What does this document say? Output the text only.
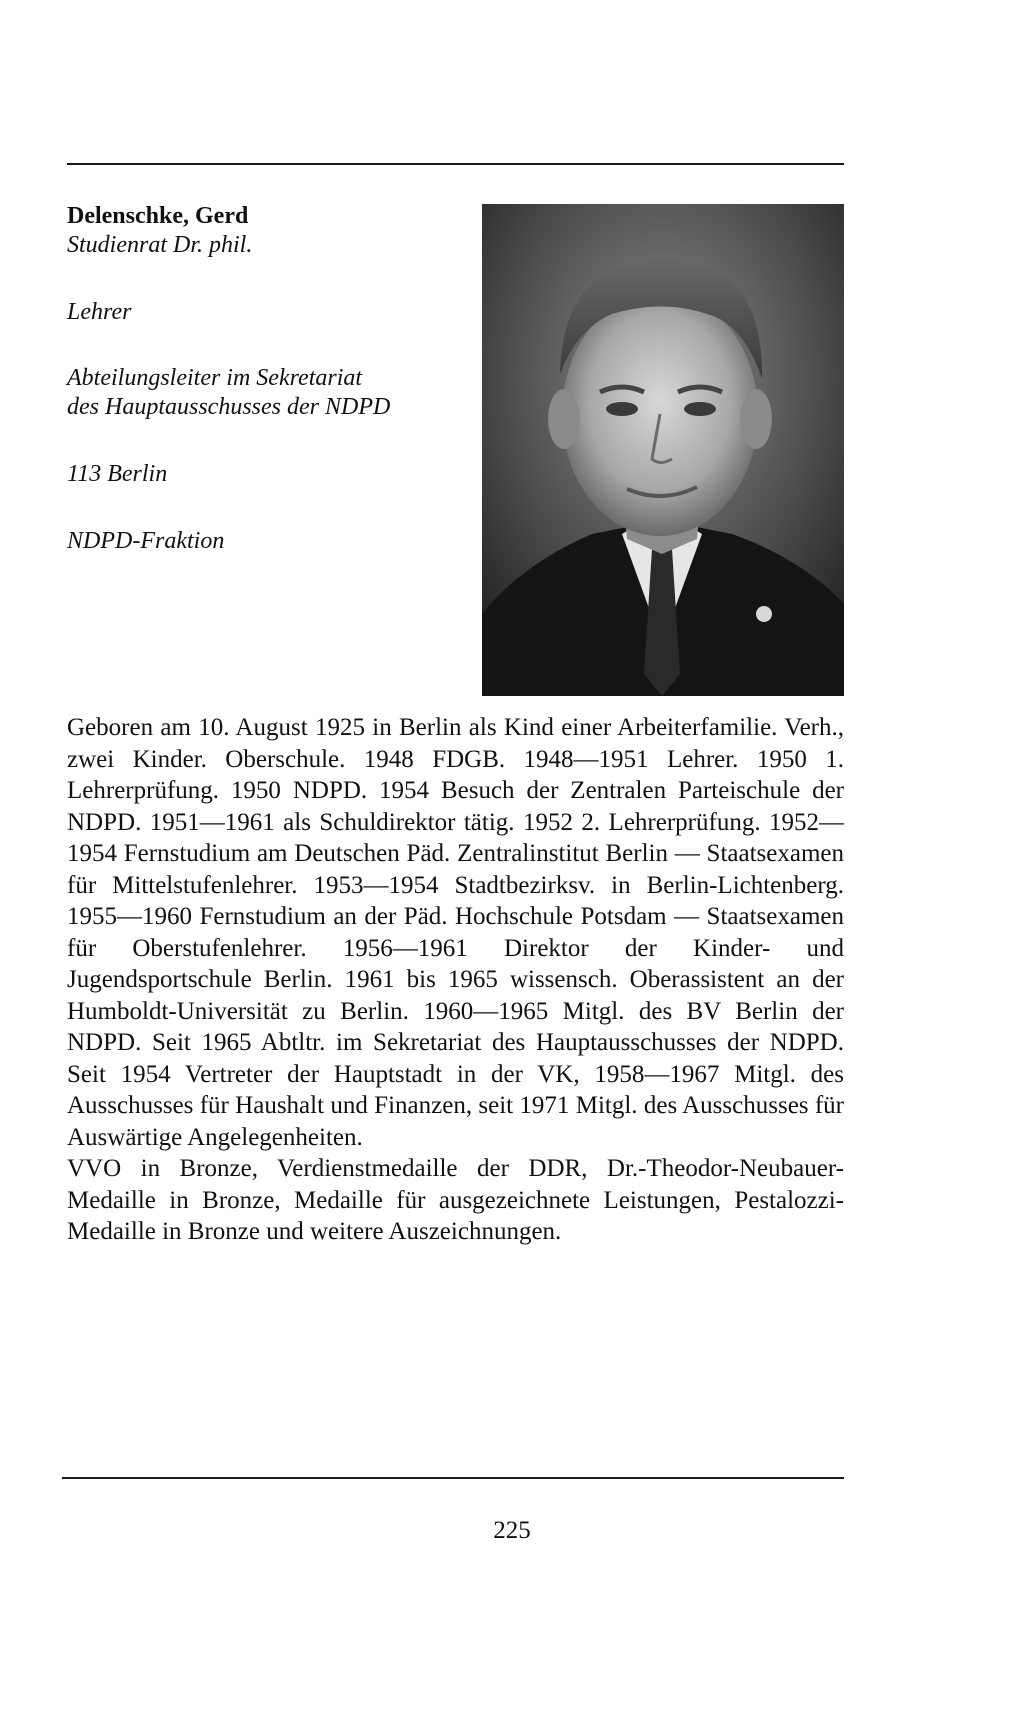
Delenschke, Gerd
Studienrat Dr. phil.
Lehrer
Abteilungsleiter im Sekretariat
des Hauptausschusses der NDPD
113 Berlin
NDPD-Fraktion

Geboren am 10. August 1925 in Berlin als Kind einer Arbeiterfamilie. Verh., zwei Kinder. Oberschule. 1948 FDGB. 1948—1951 Lehrer. 1950 1. Lehrerprüfung. 1950 NDPD. 1954 Besuch der Zentralen Parteischule der NDPD. 1951—1961 als Schuldirektor tätig. 1952 2. Lehrerprüfung. 1952—1954 Fernstudium am Deutschen Päd. Zentralinstitut Berlin — Staatsexamen für Mittelstufenlehrer. 1953—1954 Stadtbezirksv. in Berlin-Lichtenberg. 1955—1960 Fernstudium an der Päd. Hochschule Potsdam — Staatsexamen für Oberstufenlehrer. 1956—1961 Direktor der Kinder- und Jugendsportschule Berlin. 1961 bis 1965 wissensch. Oberassistent an der Humboldt-Universität zu Berlin. 1960—1965 Mitgl. des BV Berlin der NDPD. Seit 1965 Abtltr. im Sekretariat des Hauptausschusses der NDPD. Seit 1954 Vertreter der Hauptstadt in der VK, 1958—1967 Mitgl. des Ausschusses für Haushalt und Finanzen, seit 1971 Mitgl. des Ausschusses für Auswärtige Angelegenheiten.

VVO in Bronze, Verdienstmedaille der DDR, Dr.-Theodor-Neubauer-Medaille in Bronze, Medaille für ausgezeichnete Leistungen, Pestalozzi-Medaille in Bronze und weitere Auszeichnungen.

225
